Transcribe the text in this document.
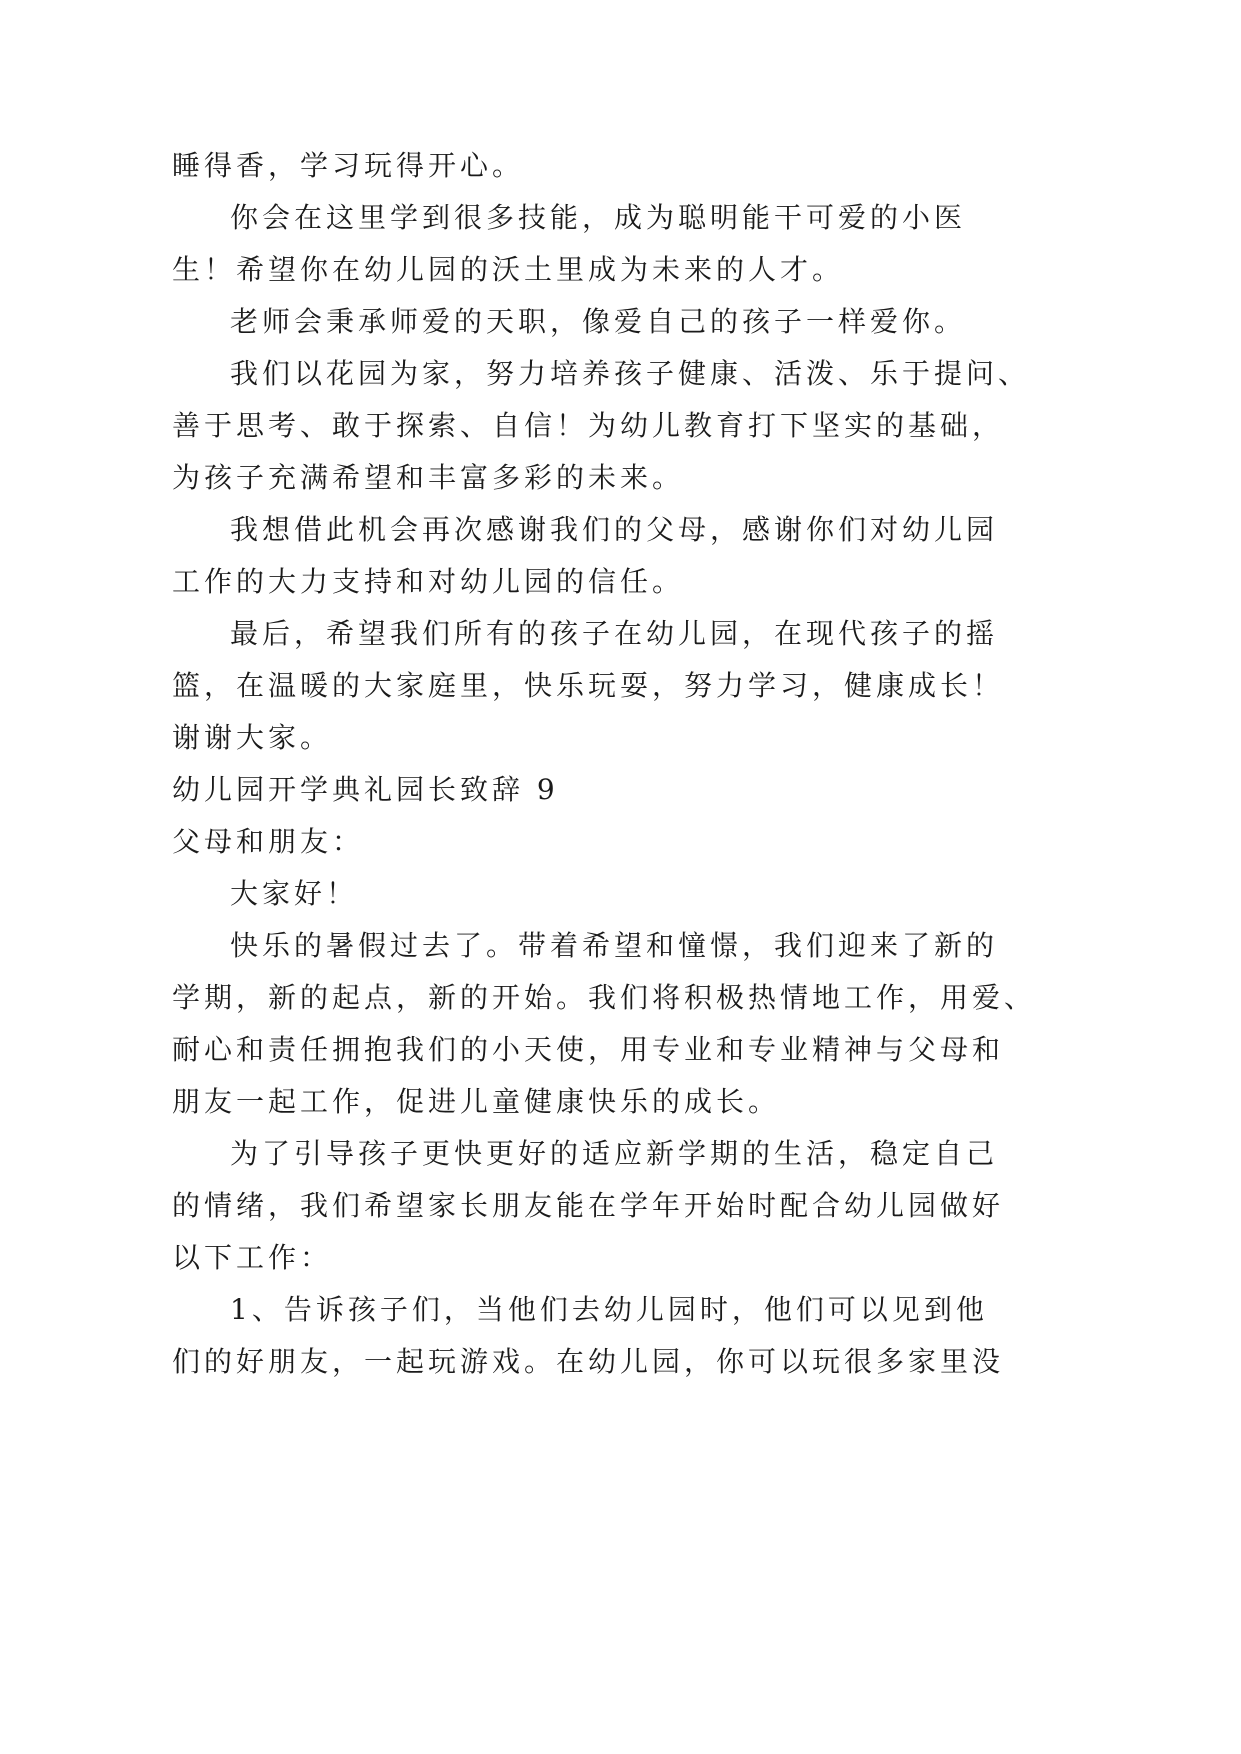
睡得香，学习玩得开心。
你会在这里学到很多技能，成为聪明能干可爱的小医
生！希望你在幼儿园的沃土里成为未来的人才。
老师会秉承师爱的天职，像爱自己的孩子一样爱你。
我们以花园为家，努力培养孩子健康、活泼、乐于提问、
善于思考、敢于探索、自信！为幼儿教育打下坚实的基础，
为孩子充满希望和丰富多彩的未来。
我想借此机会再次感谢我们的父母，感谢你们对幼儿园
工作的大力支持和对幼儿园的信任。
最后，希望我们所有的孩子在幼儿园，在现代孩子的摇
篮，在温暖的大家庭里，快乐玩耍，努力学习，健康成长！
谢谢大家。
幼儿园开学典礼园长致辞 9
父母和朋友：
大家好！
快乐的暑假过去了。带着希望和憧憬，我们迎来了新的
学期，新的起点，新的开始。我们将积极热情地工作，用爱、
耐心和责任拥抱我们的小天使，用专业和专业精神与父母和
朋友一起工作，促进儿童健康快乐的成长。
为了引导孩子更快更好的适应新学期的生活，稳定自己
的情绪，我们希望家长朋友能在学年开始时配合幼儿园做好
以下工作：
1、告诉孩子们，当他们去幼儿园时，他们可以见到他
们的好朋友，一起玩游戏。在幼儿园，你可以玩很多家里没
